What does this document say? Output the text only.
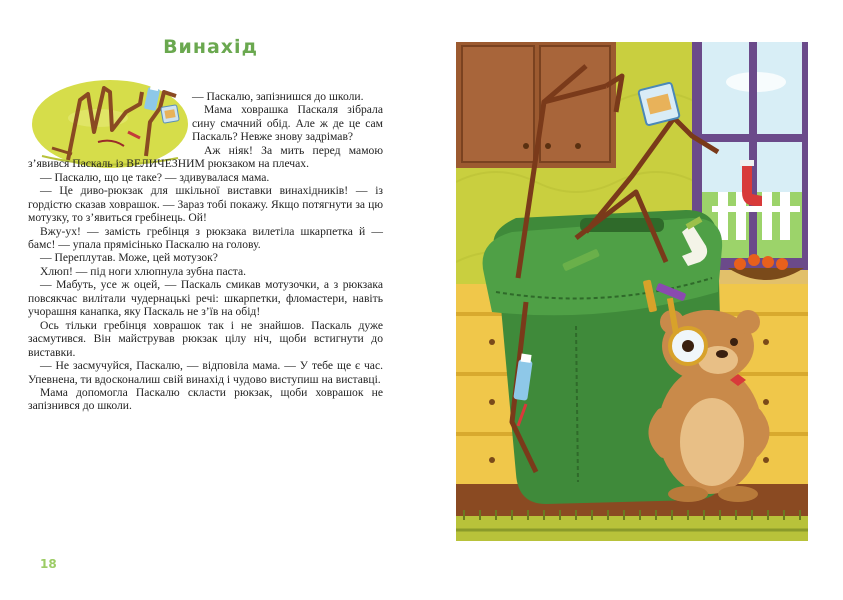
Винахід

— Паскалю, запізнишся до школи.

Мама ховрашка Паскаля зібрала сину смачний обід. Але ж де це сам Паскаль? Невже знову задрімав?

Аж ніяк! За мить перед мамою з’явився Паскаль із ВЕЛИЧЕЗНИМ рюкзаком на плечах.

— Паскалю, що це таке? — здивувалася мама.

— Це диво-рюкзак для шкільної виставки винахідників! — із гордістю сказав ховрашок. — Зараз тобі покажу. Якщо потягнути за цю мотузку, то з’явиться гребінець. Ой!

Вжу-ух! — замість гребінця з рюкзака вилетіла шкарпетка й — бамс! — упала прямісінько Паскалю на голову.

— Переплутав. Може, цей мотузок?

Хлюп! — під ноги хлюпнула зубна паста.

— Мабуть, усе ж оцей, — Паскаль смикав мотузочки, а з рюкзака повсякчас вилітали чудернацькі речі: шкарпетки, фломастери, навіть учорашня канапка, яку Паскаль не з’їв на обід!

Ось тільки гребінця ховрашок так і не знайшов. Паскаль дуже засмутився. Він майстрував рюкзак цілу ніч, щоби встигнути до виставки.

— Не засмучуйся, Паскалю, — відповіла мама. — У тебе ще є час. Упевнена, ти вдосконалиш свій винахід і чудово виступиш на виставці.

Мама допомогла Паскалю скласти рюкзак, щоби ховрашок не запізнився до школи.

18
